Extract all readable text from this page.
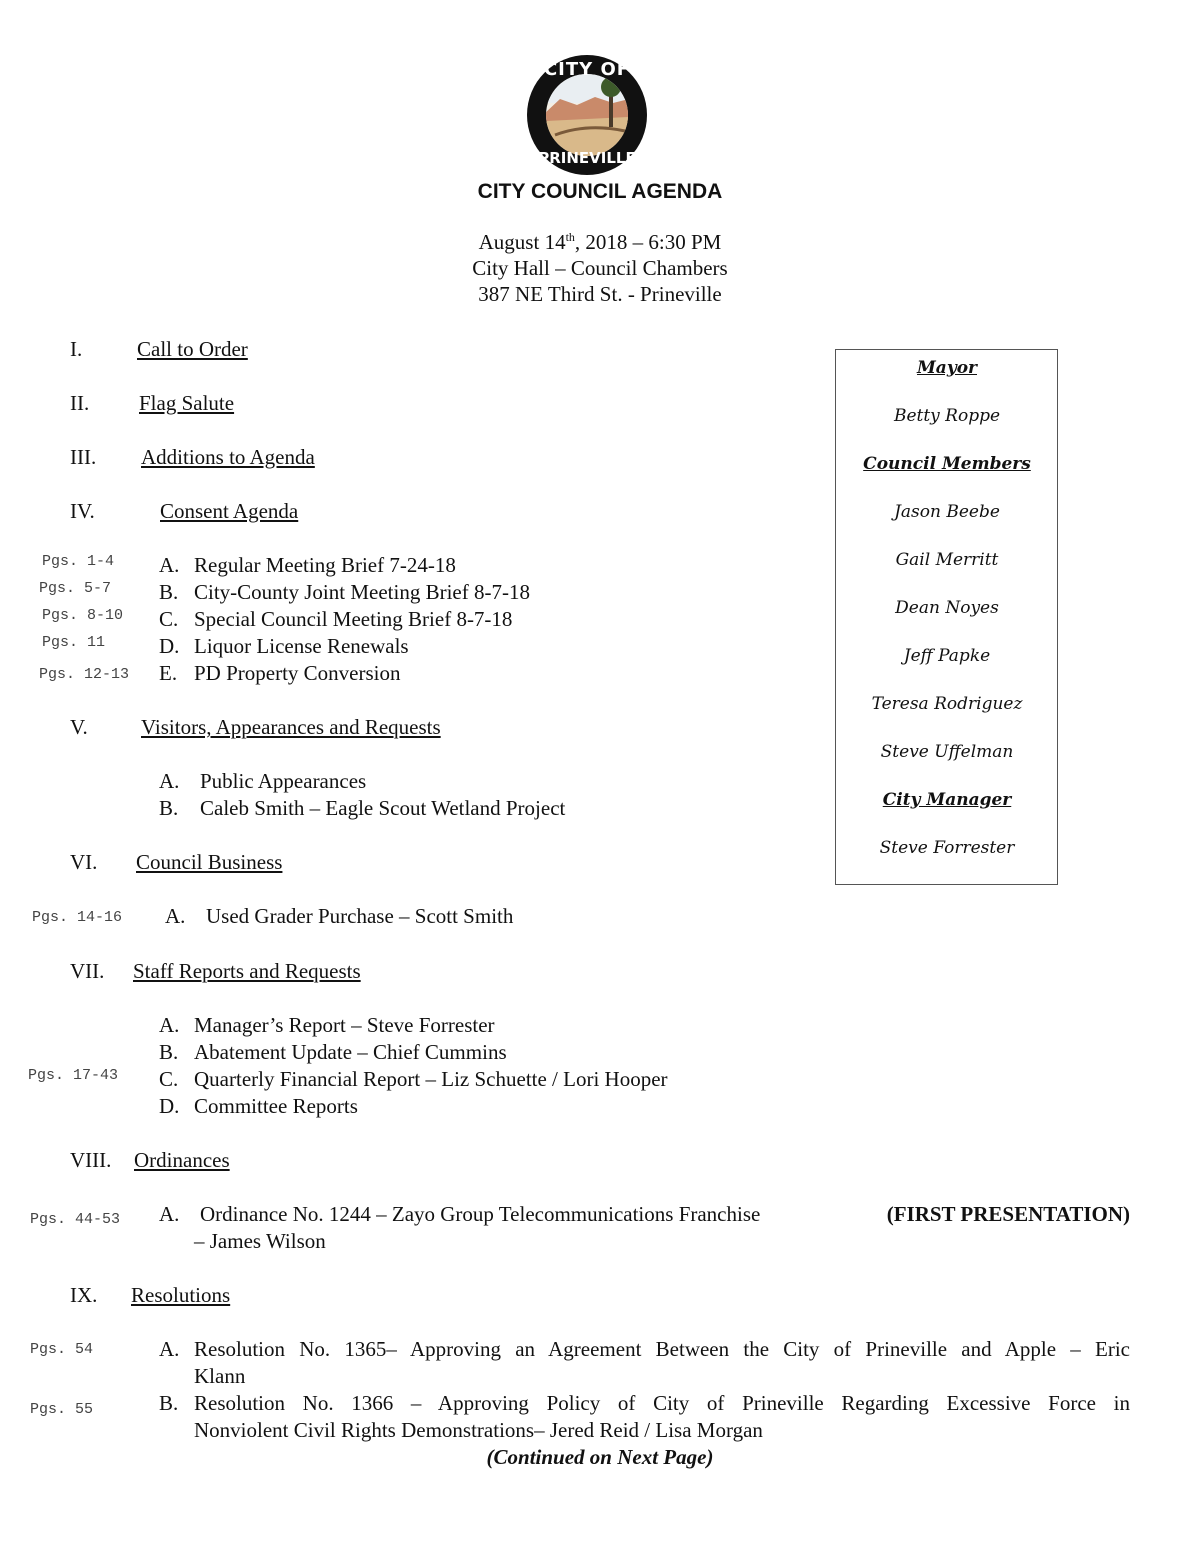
CITY OF
PRINEVILLE
CITY COUNCIL AGENDA
August 14th, 2018 – 6:30 PM
City Hall – Council Chambers
387 NE Third St. - Prineville
I.	Call to Order
II. Flag Salute
III. Additions to Agenda
IV.	Consent Agenda
Pgs. 1-4 A. Regular Meeting Brief 7-24-18
Pgs. 5-7 B. City-County Joint Meeting Brief 8-7-18
Pgs. 8-10 C. Special Council Meeting Brief 8-7-18
Pgs. 11	D. Liquor License Renewals
Pgs. 12-13 E. PD Property Conversion
V.	Visitors, Appearances and Requests
A. Public Appearances
B. Caleb Smith – Eagle Scout Wetland Project
VI. Council Business
Pgs. 14-16 A. Used Grader Purchase – Scott Smith
VII. Staff Reports and Requests
A. Manager’s Report – Steve Forrester
B. Abatement Update – Chief Cummins
Pgs. 17-43 C. Quarterly Financial Report – Liz Schuette / Lori Hooper
D. Committee Reports
VIII. Ordinances
Pgs. 44-53 A. Ordinance No. 1244 – Zayo Group Telecommunications Franchise	(FIRST PRESENTATION)
– James Wilson
IX. Resolutions
Pgs. 54	A. Resolution No. 1365– Approving an Agreement Between the City of Prineville and Apple – Eric
Klann
Pgs. 55	B. Resolution No. 1366 – Approving Policy of City of Prineville Regarding Excessive Force in
Nonviolent Civil Rights Demonstrations– Jered Reid / Lisa Morgan
(Continued on Next Page)
Mayor
Betty Roppe
Council Members
Jason Beebe
Gail Merritt
Dean Noyes
Jeff Papke
Teresa Rodriguez
Steve Uffelman
City Manager
Steve Forrester
